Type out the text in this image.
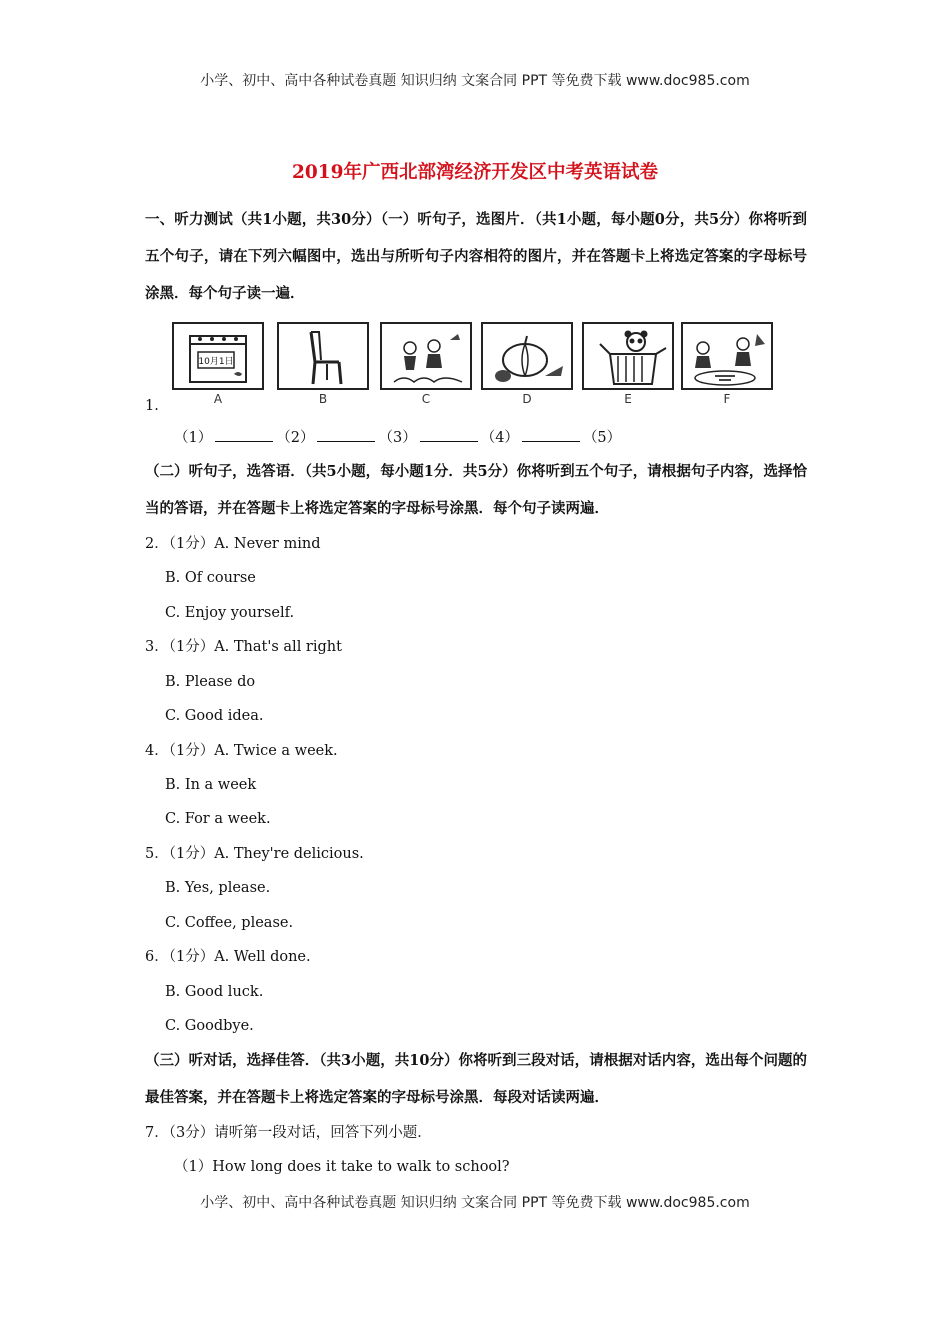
小学、初中、高中各种试卷真题 知识归纳 文案合同 PPT 等免费下载 www.doc985.com
2019年广西北部湾经济开发区中考英语试卷

一、听力测试（共1小题，共30分）（一）听句子，选图片．（共1小题，每小题0分，共5分）你将听到五个句子，请在下列六幅图中，选出与所听句子内容相符的图片，并在答题卡上将选定答案的字母标号涂黑．每个句子读一遍．

1.
10月1日
A	B	C	D	E	F
（1）	（2）	（3）	（4）	（5）

（二）听句子，选答语．（共5小题，每小题1分．共5分）你将听到五个句子，请根据句子内容，选择恰当的答语，并在答题卡上将选定答案的字母标号涂黑．每个句子读两遍．

2．（1分）A. Never mind
B. Of course
C. Enjoy yourself.
3．（1分）A. That's all right
B. Please do
C. Good idea.
4．（1分）A. Twice a week.
B. In a week
C. For a week.
5．（1分）A. They're delicious.
B. Yes, please.
C. Coffee, please.
6．（1分）A. Well done.
B. Good luck.
C. Goodbye.

（三）听对话，选择佳答．（共3小题，共10分）你将听到三段对话，请根据对话内容，选出每个问题的最佳答案，并在答题卡上将选定答案的字母标号涂黑．每段对话读两遍．

7．（3分）请听第一段对话，回答下列小题．
（1）How long does it take to walk to school?
小学、初中、高中各种试卷真题 知识归纳 文案合同 PPT 等免费下载 www.doc985.com
